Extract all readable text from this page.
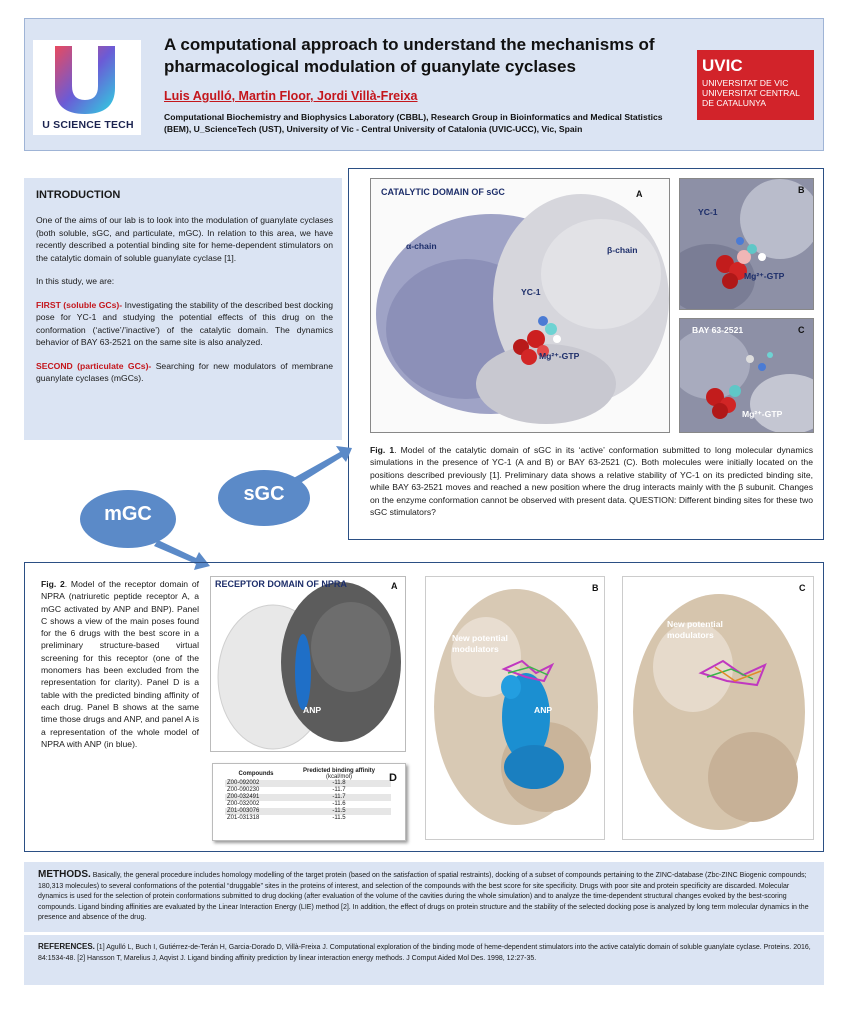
U SCIENCE TECH
A computational approach to understand the mechanisms of pharmacological modulation of guanylate cyclases
Luis Agulló, Martin Floor, Jordi Villà-Freixa
Computational Biochemistry and Biophysics Laboratory (CBBL), Research Group in Bioinformatics and Medical Statistics (BEM), U_ScienceTech (UST), University of Vic - Central University of Catalonia (UVIC-UCC), Vic, Spain
UVIC
UNIVERSITAT DE VIC
UNIVERSITAT CENTRAL
DE CATALUNYA
INTRODUCTION

One of the aims of our lab is to look into the modulation of guanylate cyclases (both soluble, sGC, and particulate, mGC). In relation to this area, we have recently described a potential binding site for heme-dependent stimulators on the catalytic domain of soluble guanylate cyclase [1].

In this study, we are:

FIRST (soluble GCs)- Investigating the stability of the described best docking pose for YC-1 and studying the potential effects of this drug on the conformation (‘active’/’inactive’) of the catalytic domain. The dynamics behavior of BAY 63-2521 on the same site is also analyzed.

SECOND (particulate GCs)- Searching for new modulators of membrane guanylate cyclases (mGCs).

CATALYTIC DOMAIN OF sGC	A
α-chain	β-chain
YC-1
Mg²⁺-GTP
B
YC-1
Mg²⁺-GTP
C
BAY 63-2521
Mg²⁺-GTP
Fig. 1. Model of the catalytic domain of sGC in its ‘active’ conformation submitted to long molecular dynamics simulations in the presence of YC-1 (A and B) or BAY 63-2521 (C). Both molecules were initially located on the positions described previously [1]. Preliminary data shows a relative stability of YC-1 on its predicted binding site, while BAY 63-2521 moves and reached a new position where the drug interacts mainly with the β subunit. Changes on the enzyme conformation cannot be observed with present data. QUESTION: Different binding sites for these two sGC stimulators?
sGC
mGC
Fig. 2. Model of the receptor domain of NPRA (natriuretic peptide receptor A, a mGC activated by ANP and BNP). Panel C shows a view of the main poses found for the 6 drugs with the best score in a preliminary structure-based virtual screening for this receptor (one of the monomers has been excluded from the representation for clarity). Panel D is a table with the predicted binding affinity of each drug. Panel B shows at the same time those drugs and ANP, and panel A is a representation of the whole model of NPRA with ANP (in blue).
RECEPTOR DOMAIN OF NPRA	A
ANP
Compounds	Predicted binding affinity
(kcal/mol)
Z00-092002	-11.8
Z00-090230	-11.7
Z00-032491	-11.7
Z00-032002	-11.6
Z01-003076	-11.5
Z01-031318	-11.5
D
B
New potential modulators
ANP
C
New potential modulators
METHODS. Basically, the general procedure includes homology modelling of the target protein (based on the satisfaction of spatial restraints), docking of a subset of compounds pertaining to the ZINC-database (Zbc-ZINC Biogenic compounds; 180,313 molecules) to several conformations of the potential “druggable” sites in the proteins of interest, and selection of the compounds with the best score for site specificity. Drugs with poor site and protein specificity are discarded. Molecular dynamics is used for the selection of protein conformations submitted to drug docking (after evaluation of the volume of the cavities during the whole simulation) and to analyze the time-dependent structural changes evoked by the best-scoring compounds. Ligand binding affinities are evaluated by the Linear Interaction Energy (LIE) method [2]. In addition, the effect of drugs on protein structure and the stability of the selected docking pose is analyzed by long term molecular dynamics in the presence and absence of the drug.
REFERENCES. [1] Agulló L, Buch I, Gutiérrez-de-Terán H, Garcia-Dorado D, Villà-Freixa J. Computational exploration of the binding mode of heme-dependent stimulators into the active catalytic domain of soluble guanylate cyclase. Proteins. 2016, 84:1534-48. [2] Hansson T, Marelius J, Aqvist J. Ligand binding affinity prediction by linear interaction energy methods. J Comput Aided Mol Des. 1998, 12:27-35.
